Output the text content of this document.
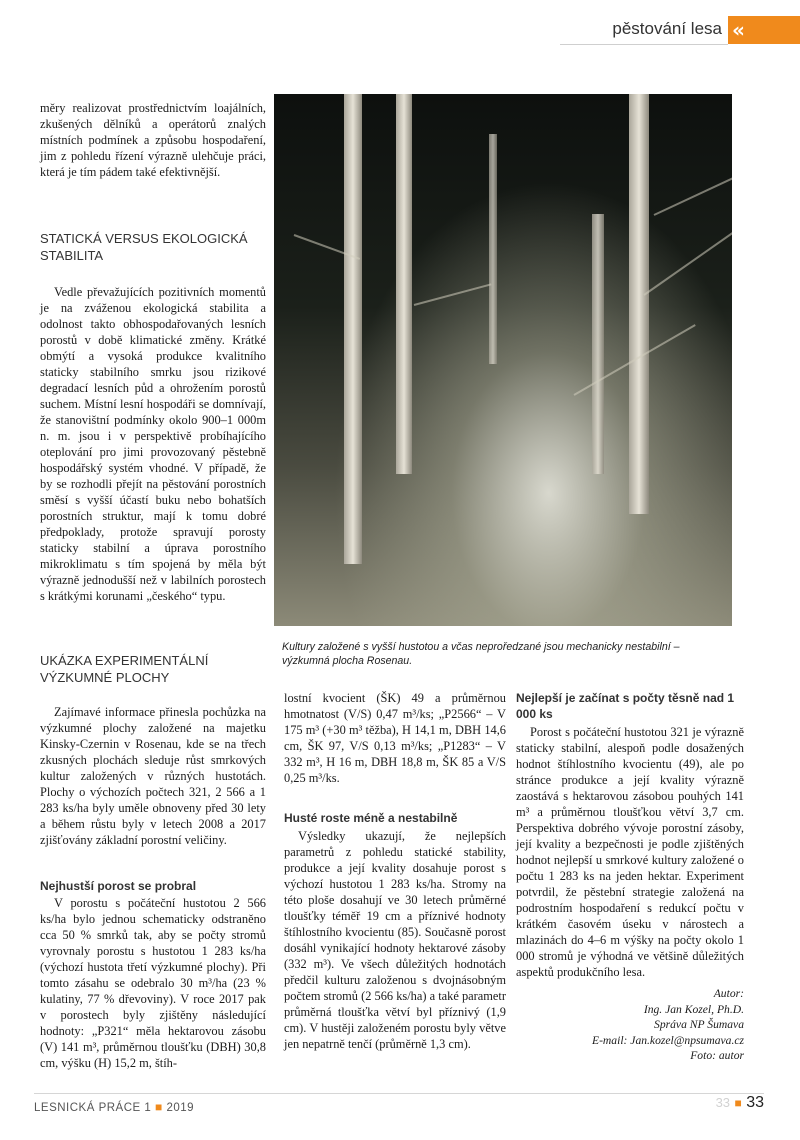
pěstování lesa «

měry realizovat prostřednictvím loajálních, zkušených dělníků a operátorů znalých místních podmínek a způsobu hospodaření, jim z pohledu řízení výrazně ulehčuje práci, která je tím pádem také efektivnější.

STATICKÁ VERSUS EKOLOGICKÁ STABILITA

Vedle převažujících pozitivních momentů je na zváženou ekologická stabilita a odolnost takto obhospodařovaných lesních porostů v době klimatické změny. Krátké obmýtí a vysoká produkce kvalitního staticky stabilního smrku jsou rizikové degradací lesních půd a ohrožením porostů suchem. Místní lesní hospodáři se domnívají, že stanovištní podmínky okolo 900–1 000m n. m. jsou i v perspektivě probíhajícího oteplování pro jimi provozovaný pěstebně hospodářský systém vhodné. V případě, že by se rozhodli přejít na pěstování porostních směsí s vyšší účastí buku nebo bohatších porostních struktur, mají k tomu dobré předpoklady, protože spravují porosty staticky stabilní a úprava porostního mikroklimatu s tím spojená by měla být výrazně jednodušší než v labilních porostech s krátkými korunami „českého“ typu.

UKÁZKA EXPERIMENTÁLNÍ VÝZKUMNÉ PLOCHY

Zajímavé informace přinesla pochůzka na výzkumné plochy založené na majetku Kinsky-Czernin v Rosenau, kde se na třech zkusných plochách sleduje růst smrkových kultur založených v různých hustotách. Plochy o výchozích počtech 321, 2 566 a 1 283 ks/ha byly uměle obnoveny před 30 lety a během růstu byly v letech 2008 a 2017 zjišťovány základní porostní veličiny.

Nejhustší porost se probral

V porostu s počáteční hustotou 2 566 ks/ha bylo jednou schematicky odstraněno cca 50 % smrků tak, aby se počty stromů vyrovnaly porostu s hustotou 1 283 ks/ha (výchozí hustota třetí výzkumné plochy). Při tomto zásahu se odebralo 30 m³/ha (23 % kulatiny, 77 % dřevoviny). V roce 2017 pak v porostech byly zjištěny následující hodnoty: „P321“ měla hektarovou zásobu (V) 141 m³, průměrnou tloušťku (DBH) 30,8 cm, výšku (H) 15,2 m, štíh-

Kultury založené s vyšší hustotou a včas neproředzané jsou mechanicky nestabilní – výzkumná plocha Rosenau.

lostní kvocient (ŠK) 49 a průměrnou hmotnatost (V/S) 0,47 m³/ks; „P2566“ – V 175 m³ (+30 m³ těžba), H 14,1 m, DBH 14,6 cm, ŠK 97, V/S 0,13 m³/ks; „P1283“ – V 332 m³, H 16 m, DBH 18,8 m, ŠK 85 a V/S 0,25 m³/ks.

Husté roste méně a nestabilně

Výsledky ukazují, že nejlepších parametrů z pohledu statické stability, produkce a její kvality dosahuje porost s výchozí hustotou 1 283 ks/ha. Stromy na této ploše dosahují ve 30 letech průměrné tloušťky téměř 19 cm a příznivé hodnoty štíhlostního kvocientu (85). Současně porost dosáhl vynikající hodnoty hektarové zásoby (332 m³). Ve všech důležitých hodnotách předčil kulturu založenou s dvojnásobným počtem stromů (2 566 ks/ha) a také parametr průměrná tloušťka větví byl příznivý (1,9 cm). V hustěji založeném porostu byly větve jen nepatrně tenčí (průměrně 1,3 cm).

Nejlepší je začínat s počty těsně nad 1 000 ks

Porost s počáteční hustotou 321 je výrazně staticky stabilní, alespoň podle dosažených hodnot štíhlostního kvocientu (49), ale po stránce produkce a její kvality výrazně zaostává s hektarovou zásobou pouhých 141 m³ a průměrnou tloušťkou větví 3,7 cm. Perspektiva dobrého vývoje porostní zásoby, její kvality a bezpečnosti je podle zjištěných hodnot nejlepší u smrkové kultury založené o počtu 1 283 ks na jeden hektar. Experiment potvrdil, že pěstební strategie založená na podrostním hospodaření s redukcí počtu v krátkém časovém úseku v nárostech a mlazinách do 4–6 m výšky na počty okolo 1 000 stromů je výhodná ve většině důležitých aspektů produkčního lesa.

Autor:
Ing. Jan Kozel, Ph.D.
Správa NP Šumava
E-mail: Jan.kozel@npsumava.cz
Foto: autor
LESNICKÁ PRÁCE 1 ■ 2019	33 ■ 33
